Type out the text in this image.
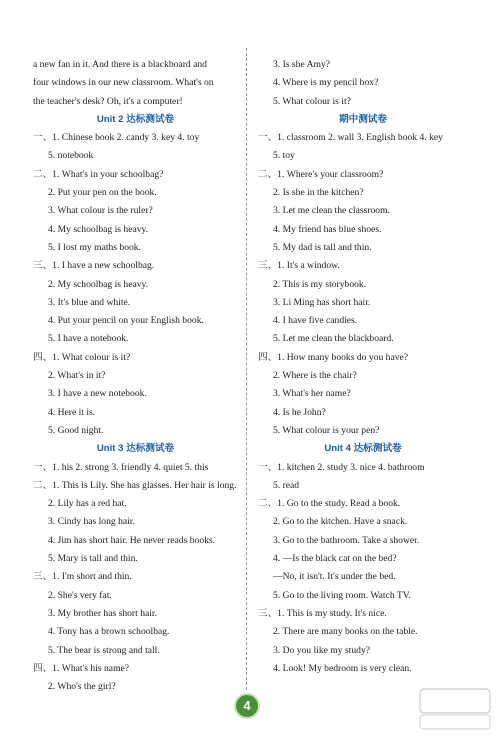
a new fan in it. And there is a blackboard and
four windows in our new classroom. What's on
the teacher's desk? Oh, it's a computer!
Unit 2 达标测试卷
一、1. Chinese book 2. candy 3. key 4. toy
5. notebook
二、1. What's in your schoolbag?
2. Put your pen on the book.
3. What colour is the ruler?
4. My schoolbag is heavy.
5. I lost my maths book.
三、1. I have a new schoolbag.
2. My schoolbag is heavy.
3. It's blue and white.
4. Put your pencil on your English book.
5. I have a notebook.
四、1. What colour is it?
2. What's in it?
3. I have a new notebook.
4. Here it is.
5. Good night.
Unit 3 达标测试卷
一、1. his 2. strong 3. friendly 4. quiet 5. this
二、1. This is Lily. She has glasses. Her hair is long.
2. Lily has a red hat.
3. Cindy has long hair.
4. Jim has short hair. He never reads books.
5. Mary is tall and thin.
三、1. I'm short and thin.
2. She's very fat.
3. My brother has short hair.
4. Tony has a brown schoolbag.
5. The bear is strong and tall.
四、1. What's his name?
2. Who's the girl?
3. Is she Amy?
4. Where is my pencil box?
5. What colour is it?
期中测试卷
一、1. classroom 2. wall 3. English book 4. key
5. toy
二、1. Where's your classroom?
2. Is she in the kitchen?
3. Let me clean the classroom.
4. My friend has blue shoes.
5. My dad is tall and thin.
三、1. It's a window.
2. This is my storybook.
3. Li Ming has short hair.
4. I have five candies.
5. Let me clean the blackboard.
四、1. How many books do you have?
2. Where is the chair?
3. What's her name?
4. Is he John?
5. What colour is your pen?
Unit 4 达标测试卷
一、1. kitchen 2. study 3. nice 4. bathroom
5. read
二、1. Go to the study. Read a book.
2. Go to the kitchen. Have a snack.
3. Go to the bathroom. Take a shower.
4. —Is the black cat on the bed?
—No, it isn't. It's under the bed.
5. Go to the living room. Watch TV.
三、1. This is my study. It's nice.
2. There are many books on the table.
3. Do you like my study?
4. Look! My bedroom is very clean.
4
